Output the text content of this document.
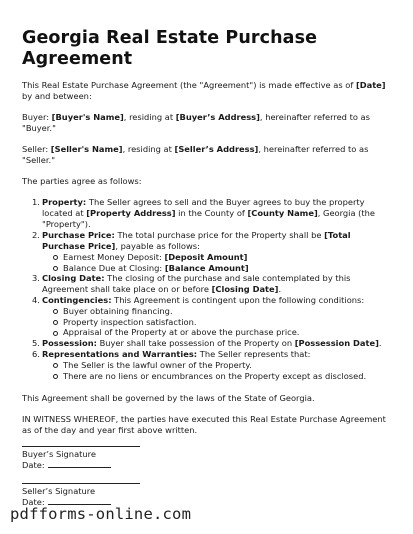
Georgia Real Estate Purchase Agreement

This Real Estate Purchase Agreement (the "Agreement") is made effective as of [Date] by and between:

Buyer: [Buyer's Name], residing at [Buyer’s Address], hereinafter referred to as "Buyer."

Seller: [Seller's Name], residing at [Seller’s Address], hereinafter referred to as "Seller."

The parties agree as follows:

1. Property: The Seller agrees to sell and the Buyer agrees to buy the property located at [Property Address] in the County of [County Name], Georgia (the "Property").
2. Purchase Price: The total purchase price for the Property shall be [Total Purchase Price], payable as follows:
Earnest Money Deposit: [Deposit Amount]
Balance Due at Closing: [Balance Amount]
3. Closing Date: The closing of the purchase and sale contemplated by this Agreement shall take place on or before [Closing Date].
4. Contingencies: This Agreement is contingent upon the following conditions:
Buyer obtaining financing.
Property inspection satisfaction.
Appraisal of the Property at or above the purchase price.
5. Possession: Buyer shall take possession of the Property on [Possession Date].
6. Representations and Warranties: The Seller represents that:
The Seller is the lawful owner of the Property.
There are no liens or encumbrances on the Property except as disclosed.

This Agreement shall be governed by the laws of the State of Georgia.

IN WITNESS WHEREOF, the parties have executed this Real Estate Purchase Agreement as of the day and year first above written.

Buyer’s Signature
Date:
Seller’s Signature
Date:
pdfforms-online.com
